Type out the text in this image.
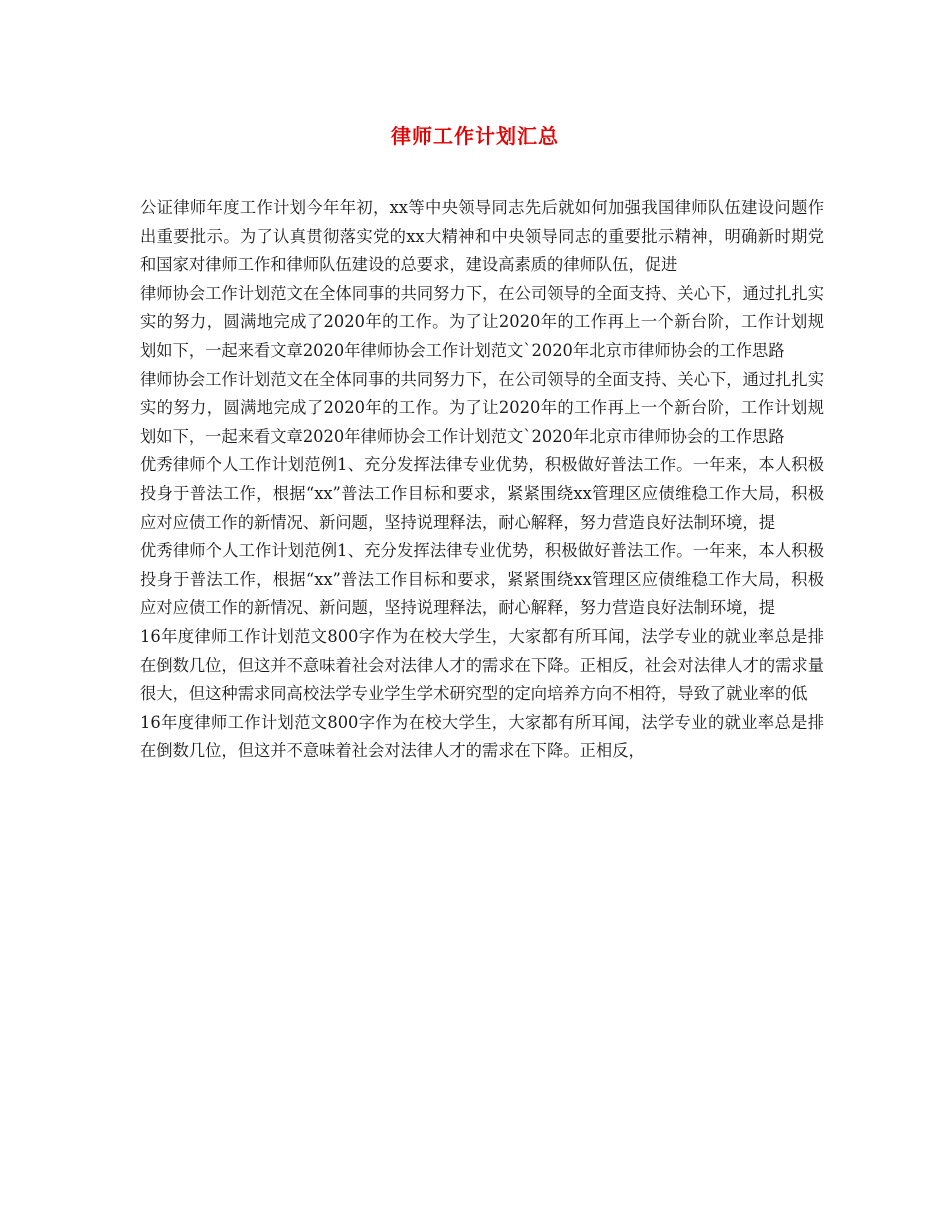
律师工作计划汇总

公证律师年度工作计划今年年初，xx等中央领导同志先后就如何加强我国律师队伍建设问题作出重要批示。为了认真贯彻落实党的xx大精神和中央领导同志的重要批示精神，明确新时期党和国家对律师工作和律师队伍建设的总要求，建设高素质的律师队伍，促进

律师协会工作计划范文在全体同事的共同努力下，在公司领导的全面支持、关心下，通过扎扎实实的努力，圆满地完成了2020年的工作。为了让2020年的工作再上一个新台阶，工作计划规划如下，一起来看文章2020年律师协会工作计划范文`2020年北京市律师协会的工作思路

律师协会工作计划范文在全体同事的共同努力下，在公司领导的全面支持、关心下，通过扎扎实实的努力，圆满地完成了2020年的工作。为了让2020年的工作再上一个新台阶，工作计划规划如下，一起来看文章2020年律师协会工作计划范文`2020年北京市律师协会的工作思路

优秀律师个人工作计划范例1、充分发挥法律专业优势，积极做好普法工作。一年来，本人积极投身于普法工作，根据“xx”普法工作目标和要求，紧紧围绕xx管理区应债维稳工作大局，积极应对应债工作的新情况、新问题，坚持说理释法，耐心解释，努力营造良好法制环境，提

优秀律师个人工作计划范例1、充分发挥法律专业优势，积极做好普法工作。一年来，本人积极投身于普法工作，根据“xx”普法工作目标和要求，紧紧围绕xx管理区应债维稳工作大局，积极应对应债工作的新情况、新问题，坚持说理释法，耐心解释，努力营造良好法制环境，提

16年度律师工作计划范文800字作为在校大学生，大家都有所耳闻，法学专业的就业率总是排在倒数几位，但这并不意味着社会对法律人才的需求在下降。正相反，社会对法律人才的需求量很大，但这种需求同高校法学专业学生学术研究型的定向培养方向不相符，导致了就业率的低

16年度律师工作计划范文800字作为在校大学生，大家都有所耳闻，法学专业的就业率总是排在倒数几位，但这并不意味着社会对法律人才的需求在下降。正相反，
